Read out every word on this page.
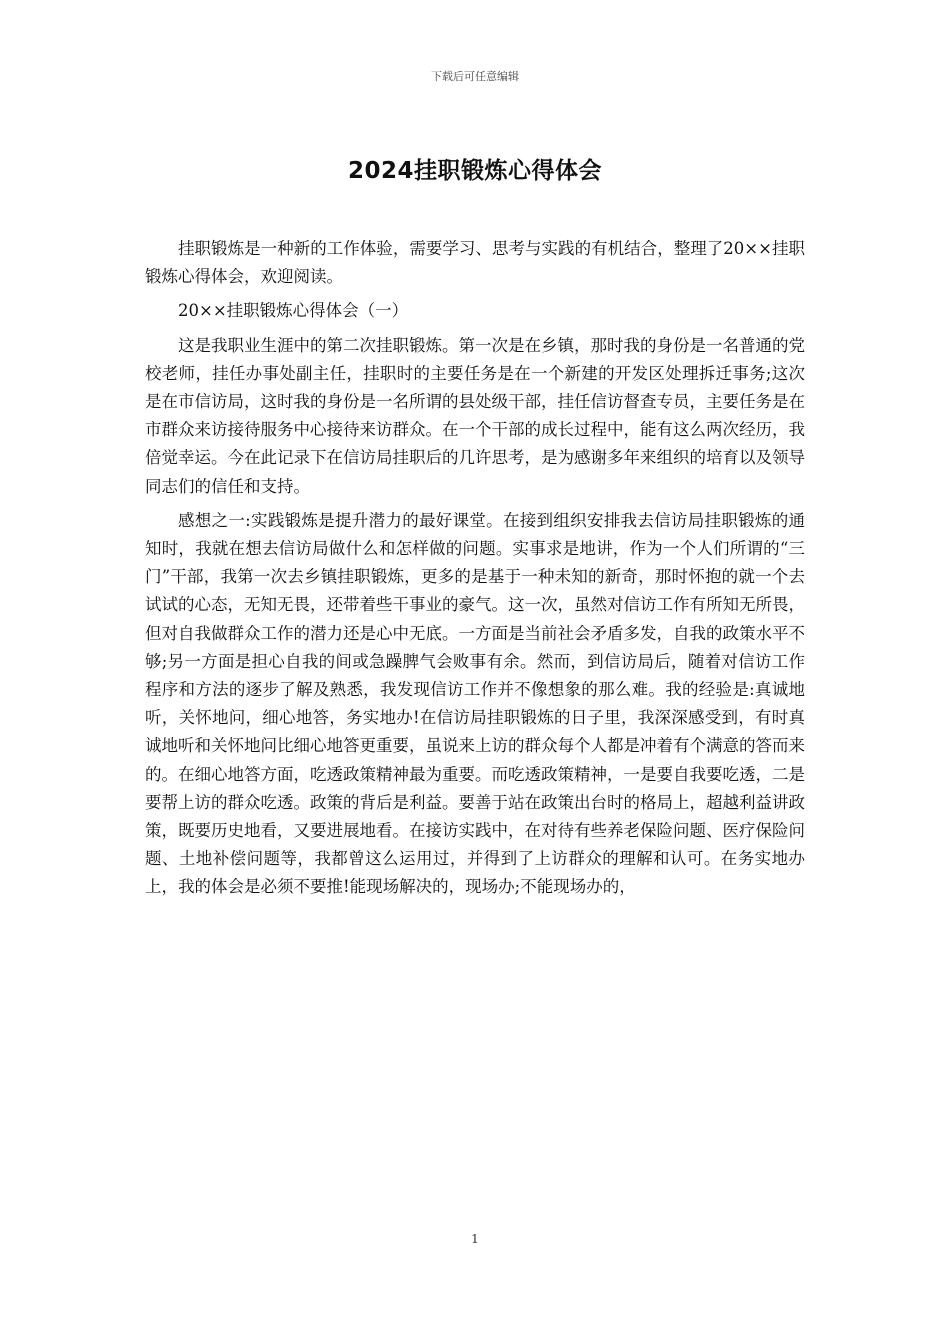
下载后可任意编辑
2024挂职锻炼心得体会

挂职锻炼是一种新的工作体验，需要学习、思考与实践的有机结合，整理了20××挂职锻炼心得体会，欢迎阅读。

20××挂职锻炼心得体会（一）

这是我职业生涯中的第二次挂职锻炼。第一次是在乡镇，那时我的身份是一名普通的党校老师，挂任办事处副主任，挂职时的主要任务是在一个新建的开发区处理拆迁事务;这次是在市信访局，这时我的身份是一名所谓的县处级干部，挂任信访督查专员，主要任务是在市群众来访接待服务中心接待来访群众。在一个干部的成长过程中，能有这么两次经历，我倍觉幸运。今在此记录下在信访局挂职后的几许思考，是为感谢多年来组织的培育以及领导同志们的信任和支持。

感想之一:实践锻炼是提升潜力的最好课堂。在接到组织安排我去信访局挂职锻炼的通知时，我就在想去信访局做什么和怎样做的问题。实事求是地讲，作为一个人们所谓的“三门”干部，我第一次去乡镇挂职锻炼，更多的是基于一种未知的新奇，那时怀抱的就一个去试试的心态，无知无畏，还带着些干事业的豪气。这一次，虽然对信访工作有所知无所畏，但对自我做群众工作的潜力还是心中无底。一方面是当前社会矛盾多发，自我的政策水平不够;另一方面是担心自我的间或急躁脾气会败事有余。然而，到信访局后，随着对信访工作程序和方法的逐步了解及熟悉，我发现信访工作并不像想象的那么难。我的经验是:真诚地听，关怀地问，细心地答，务实地办!在信访局挂职锻炼的日子里，我深深感受到，有时真诚地听和关怀地问比细心地答更重要，虽说来上访的群众每个人都是冲着有个满意的答而来的。在细心地答方面，吃透政策精神最为重要。而吃透政策精神，一是要自我要吃透，二是要帮上访的群众吃透。政策的背后是利益。要善于站在政策出台时的格局上，超越利益讲政策，既要历史地看，又要进展地看。在接访实践中，在对待有些养老保险问题、医疗保险问题、土地补偿问题等，我都曾这么运用过，并得到了上访群众的理解和认可。在务实地办上，我的体会是必须不要推!能现场解决的，现场办;不能现场办的，

1
